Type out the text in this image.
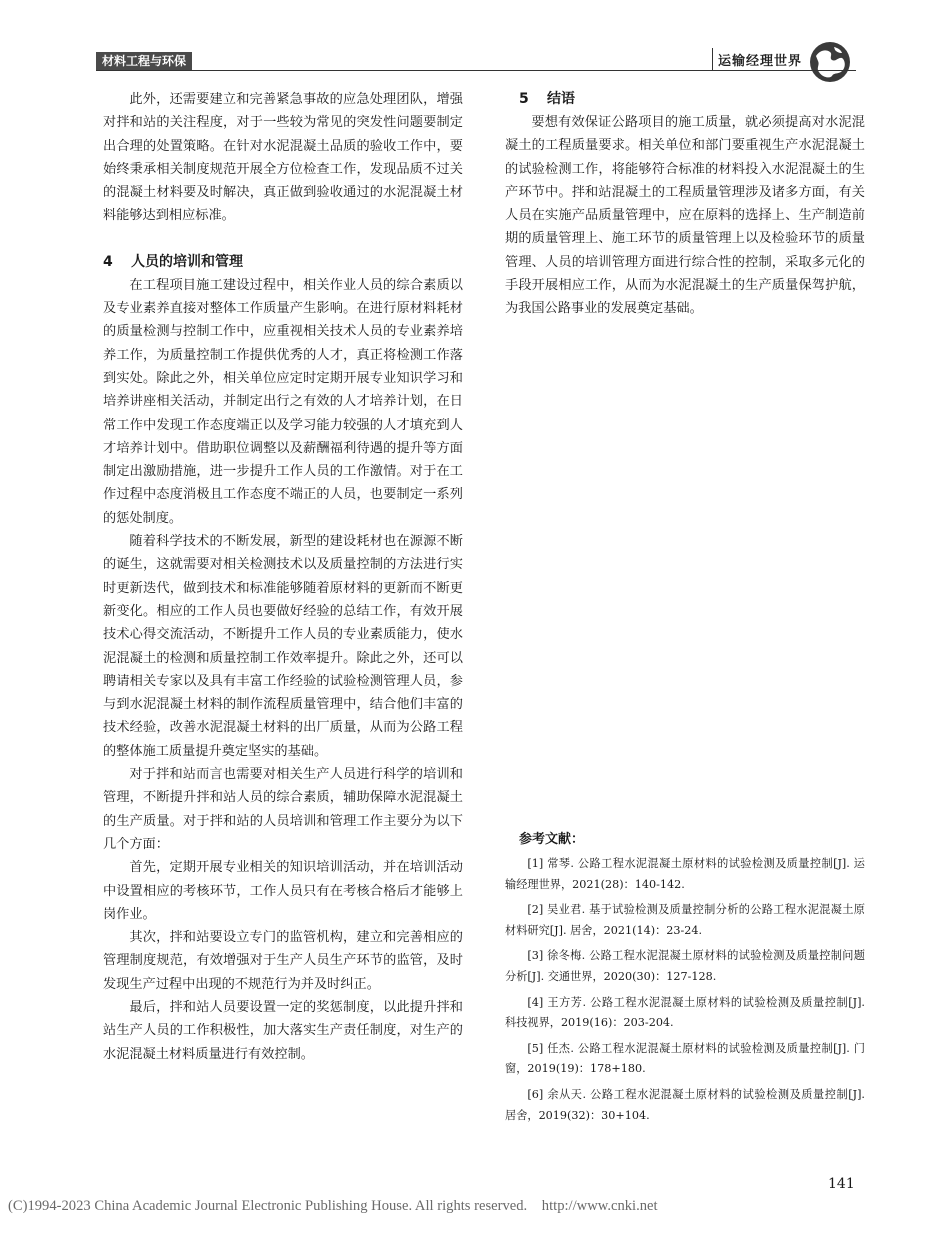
材料工程与环保	运输经理世界

此外，还需要建立和完善紧急事故的应急处理团队，增强对拌和站的关注程度，对于一些较为常见的突发性问题要制定出合理的处置策略。在针对水泥混凝土品质的验收工作中，要始终秉承相关制度规范开展全方位检查工作，发现品质不过关的混凝土材料要及时解决，真正做到验收通过的水泥混凝土材料能够达到相应标准。

4 人员的培训和管理

在工程项目施工建设过程中，相关作业人员的综合素质以及专业素养直接对整体工作质量产生影响。在进行原材料耗材的质量检测与控制工作中，应重视相关技术人员的专业素养培养工作，为质量控制工作提供优秀的人才，真正将检测工作落到实处。除此之外，相关单位应定时定期开展专业知识学习和培养讲座相关活动，并制定出行之有效的人才培养计划，在日常工作中发现工作态度端正以及学习能力较强的人才填充到人才培养计划中。借助职位调整以及薪酬福利待遇的提升等方面制定出激励措施，进一步提升工作人员的工作激情。对于在工作过程中态度消极且工作态度不端正的人员，也要制定一系列的惩处制度。

随着科学技术的不断发展，新型的建设耗材也在源源不断的诞生，这就需要对相关检测技术以及质量控制的方法进行实时更新迭代，做到技术和标准能够随着原材料的更新而不断更新变化。相应的工作人员也要做好经验的总结工作，有效开展技术心得交流活动，不断提升工作人员的专业素质能力，使水泥混凝土的检测和质量控制工作效率提升。除此之外，还可以聘请相关专家以及具有丰富工作经验的试验检测管理人员，参与到水泥混凝土材料的制作流程质量管理中，结合他们丰富的技术经验，改善水泥混凝土材料的出厂质量，从而为公路工程的整体施工质量提升奠定坚实的基础。

对于拌和站而言也需要对相关生产人员进行科学的培训和管理，不断提升拌和站人员的综合素质，辅助保障水泥混凝土的生产质量。对于拌和站的人员培训和管理工作主要分为以下几个方面：

首先，定期开展专业相关的知识培训活动，并在培训活动中设置相应的考核环节，工作人员只有在考核合格后才能够上岗作业。

其次，拌和站要设立专门的监管机构，建立和完善相应的管理制度规范，有效增强对于生产人员生产环节的监管，及时发现生产过程中出现的不规范行为并及时纠正。

最后，拌和站人员要设置一定的奖惩制度，以此提升拌和站生产人员的工作积极性，加大落实生产责任制度，对生产的水泥混凝土材料质量进行有效控制。

5 结语

要想有效保证公路项目的施工质量，就必须提高对水泥混凝土的工程质量要求。相关单位和部门要重视生产水泥混凝土的试验检测工作，将能够符合标准的材料投入水泥混凝土的生产环节中。拌和站混凝土的工程质量管理涉及诸多方面，有关人员在实施产品质量管理中，应在原料的选择上、生产制造前期的质量管理上、施工环节的质量管理上以及检验环节的质量管理、人员的培训管理方面进行综合性的控制，采取多元化的手段开展相应工作，从而为水泥混凝土的生产质量保驾护航，为我国公路事业的发展奠定基础。

参考文献：

[1] 常琴. 公路工程水泥混凝土原材料的试验检测及质量控制[J]. 运输经理世界，2021(28)：140-142.

[2] 吴业君. 基于试验检测及质量控制分析的公路工程水泥混凝土原材料研究[J]. 居舍，2021(14)：23-24.

[3] 徐冬梅. 公路工程水泥混凝土原材料的试验检测及质量控制问题分析[J]. 交通世界，2020(30)：127-128.

[4] 王方芳. 公路工程水泥混凝土原材料的试验检测及质量控制[J]. 科技视界，2019(16)：203-204.

[5] 任杰. 公路工程水泥混凝土原材料的试验检测及质量控制[J]. 门窗，2019(19)：178+180.

[6] 余从天. 公路工程水泥混凝土原材料的试验检测及质量控制[J]. 居舍，2019(32)：30+104.

141
(C)1994-2023 China Academic Journal Electronic Publishing House. All rights reserved.    http://www.cnki.net
